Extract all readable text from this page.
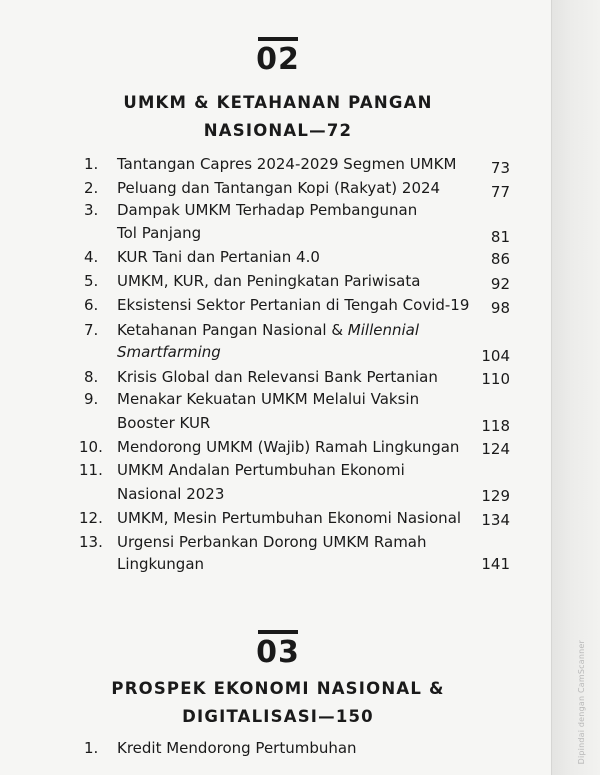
Dipindai dengan CamScanner
02
UMKM & KETAHANAN PANGAN
NASIONAL—72
1. Tantangan Capres 2024-2029 Segmen UMKM 73
2. Peluang dan Tantangan Kopi (Rakyat) 2024	77
3. Dampak UMKM Terhadap Pembangunan
Tol Panjang	81
4. KUR Tani dan Pertanian 4.0	86
5. UMKM, KUR, dan Peningkatan Pariwisata	92
6. Eksistensi Sektor Pertanian di Tengah Covid-19 98
7. Ketahanan Pangan Nasional & Millennial
Smartfarming	104
8. Krisis Global dan Relevansi Bank Pertanian	110
9. Menakar Kekuatan UMKM Melalui Vaksin
Booster KUR	118
10. Mendorong UMKM (Wajib) Ramah Lingkungan 124
11. UMKM Andalan Pertumbuhan Ekonomi
Nasional 2023	129
12. UMKM, Mesin Pertumbuhan Ekonomi Nasional 134
13. Urgensi Perbankan Dorong UMKM Ramah
Lingkungan	141
03
PROSPEK EKONOMI NASIONAL &
DIGITALISASI—150
1. Kredit Mendorong Pertumbuhan
